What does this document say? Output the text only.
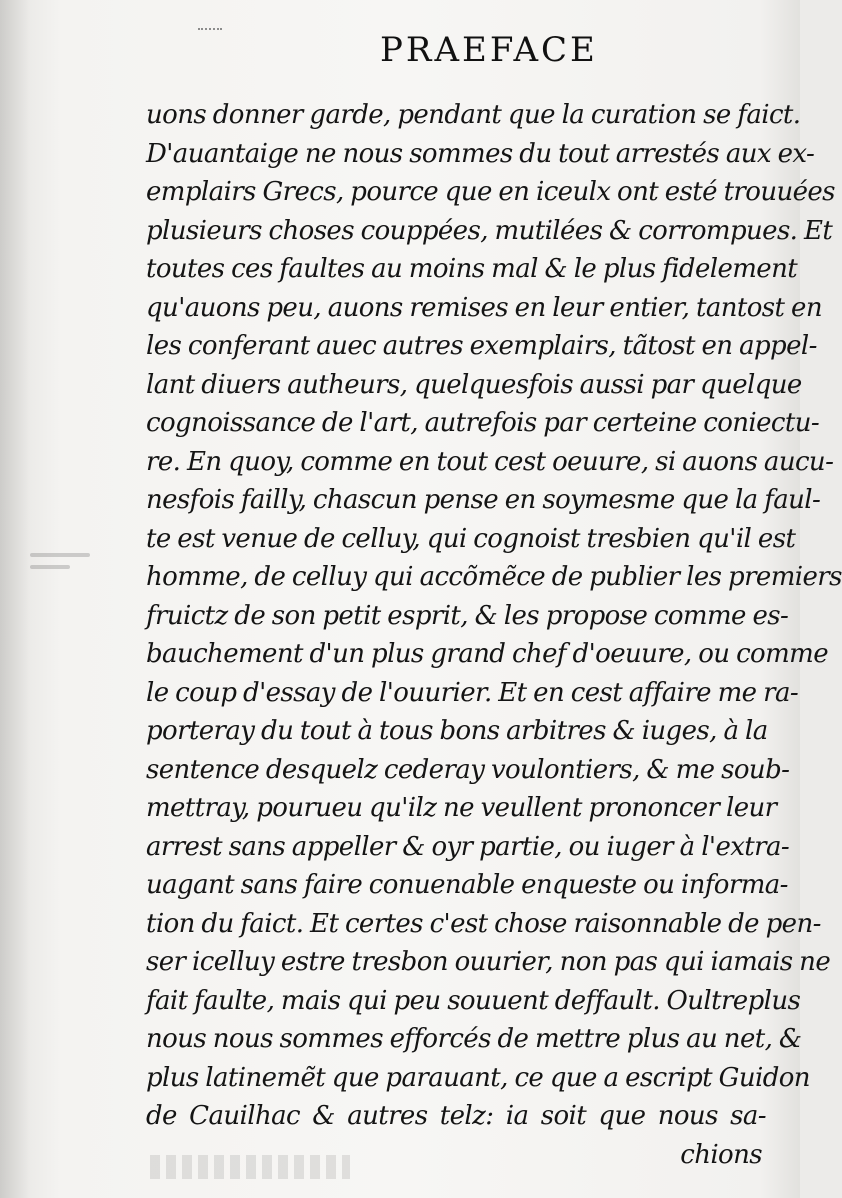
PRAEFACE
uons donner garde, pendant que la curation se faict.
D'auantaige ne nous sommes du tout arrestés aux ex-
emplairs Grecs, pource que en iceulx ont esté trouuées
plusieurs choses couppées, mutilées & corrompues. Et
toutes ces faultes au moins mal & le plus fidelement
qu'auons peu, auons remises en leur entier, tantost en
les conferant auec autres exemplairs, tãtost en appel-
lant diuers autheurs, quelquesfois aussi par quelque
cognoissance de l'art, autrefois par certeine coniectu-
re. En quoy, comme en tout cest oeuure, si auons aucu-
nesfois failly, chascun pense en soymesme que la faul-
te est venue de celluy, qui cognoist tresbien qu'il est
homme, de celluy qui accõmẽce de publier les premiers
fruictz de son petit esprit, & les propose comme es-
bauchement d'un plus grand chef d'oeuure, ou comme
le coup d'essay de l'ouurier. Et en cest affaire me ra-
porteray du tout à tous bons arbitres & iuges, à la
sentence desquelz cederay voulontiers, & me soub-
mettray, pourueu qu'ilz ne veullent prononcer leur
arrest sans appeller & oyr partie, ou iuger à l'extra-
uagant sans faire conuenable enqueste ou informa-
tion du faict. Et certes c'est chose raisonnable de pen-
ser icelluy estre tresbon ouurier, non pas qui iamais ne
fait faulte, mais qui peu souuent deffault. Oultreplus
nous nous sommes efforcés de mettre plus au net, &
plus latinemẽt que parauant, ce que a escript Guidon
de Cauilhac & autres telz: ia soit que nous sa-
chions
